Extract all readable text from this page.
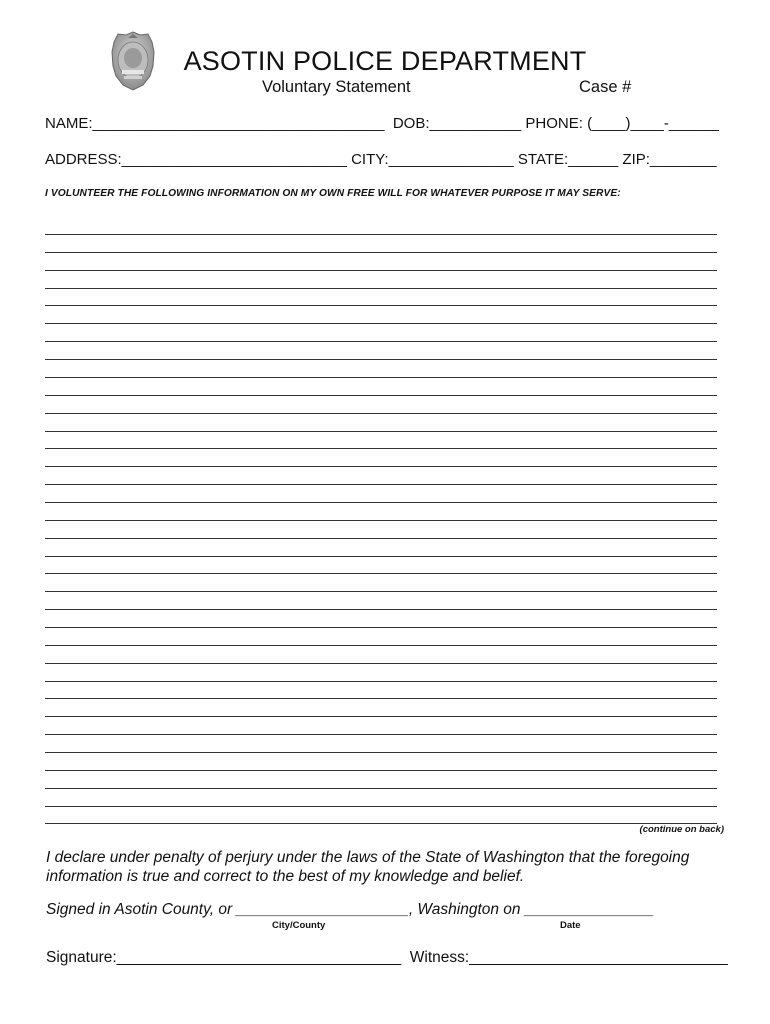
ASOTIN POLICE DEPARTMENT
Voluntary Statement	Case #
NAME:___________________________________  DOB:___________ PHONE: (____)____-______
ADDRESS:___________________________ CITY:_______________ STATE:______ ZIP:________
I VOLUNTEER THE FOLLOWING INFORMATION ON MY OWN FREE WILL FOR WHATEVER PURPOSE IT MAY SERVE:
(continue on back)
I declare under penalty of perjury under the laws of the State of Washington that the foregoing information is true and correct to the best of my knowledge and belief.
Signed in Asotin County, or ____________________, Washington on _______________
City/County	Date
Signature:_________________________________  Witness:______________________________
